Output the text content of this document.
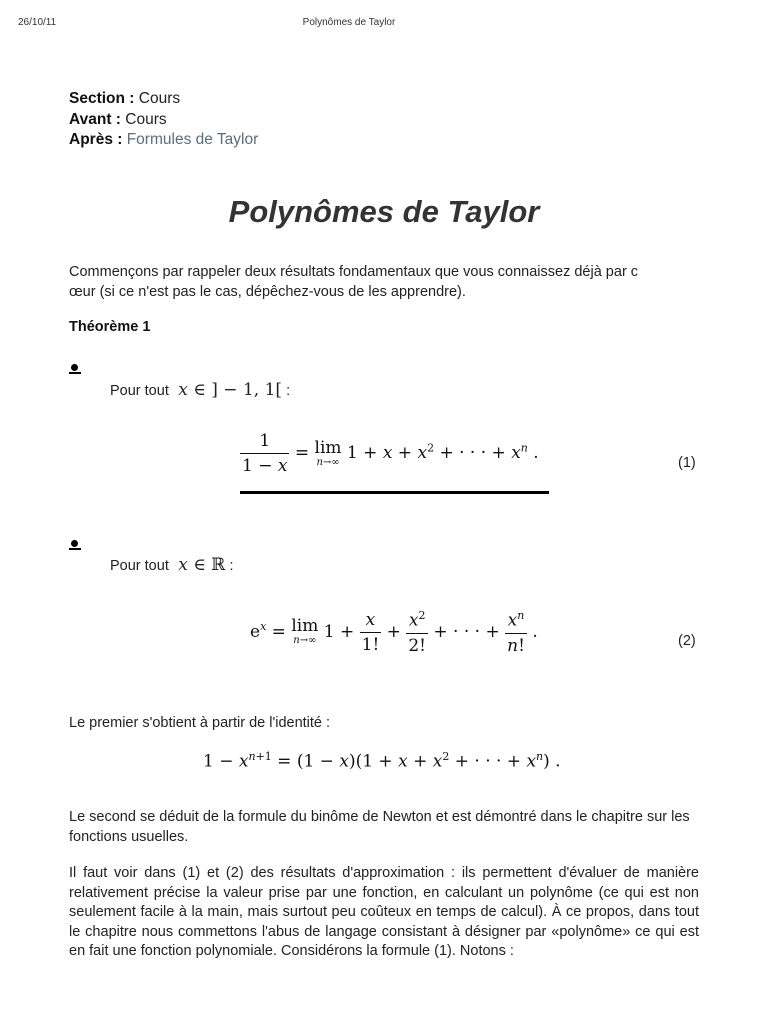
26/10/11	Polynômes de Taylor
Section : Cours
Avant : Cours
Après : Formules de Taylor
Polynômes de Taylor
Commençons par rappeler deux résultats fondamentaux que vous connaissez déjà par c
œur (si ce n'est pas le cas, dépêchez-vous de les apprendre).
Théorème 1
Pour tout x ∈ ] − 1, 1[ :
$\frac{1}{1 - x} = \lim$
n→∞ $1 + x + x^2$ + · · · + $x^n$ .	(1)
Pour tout x ∈ ℝ :
$e^x = \lim$
n→∞ $1 + \frac{x}{1!} + \frac{x^2}{2!}$ + · · · + $\frac{x^n}{n!}$ .	(2)
Le premier s'obtient à partir de l'identité :
$1 - x^{n+1} = (1 - x)(1 + x + x^2$ + · · · + $x^n$) .
Le second se déduit de la formule du binôme de Newton et est démontré dans le chapitre sur les fonctions usuelles.
Il faut voir dans (1) et (2) des résultats d'approximation : ils permettent d'évaluer de manière relativement précise la valeur prise par une fonction, en calculant un polynôme (ce qui est non seulement facile à la main, mais surtout peu coûteux en temps de calcul). À ce propos, dans tout le chapitre nous commettons l'abus de langage consistant à désigner par «polynôme» ce qui est en fait une fonction polynomiale. Considérons la formule (1). Notons :
